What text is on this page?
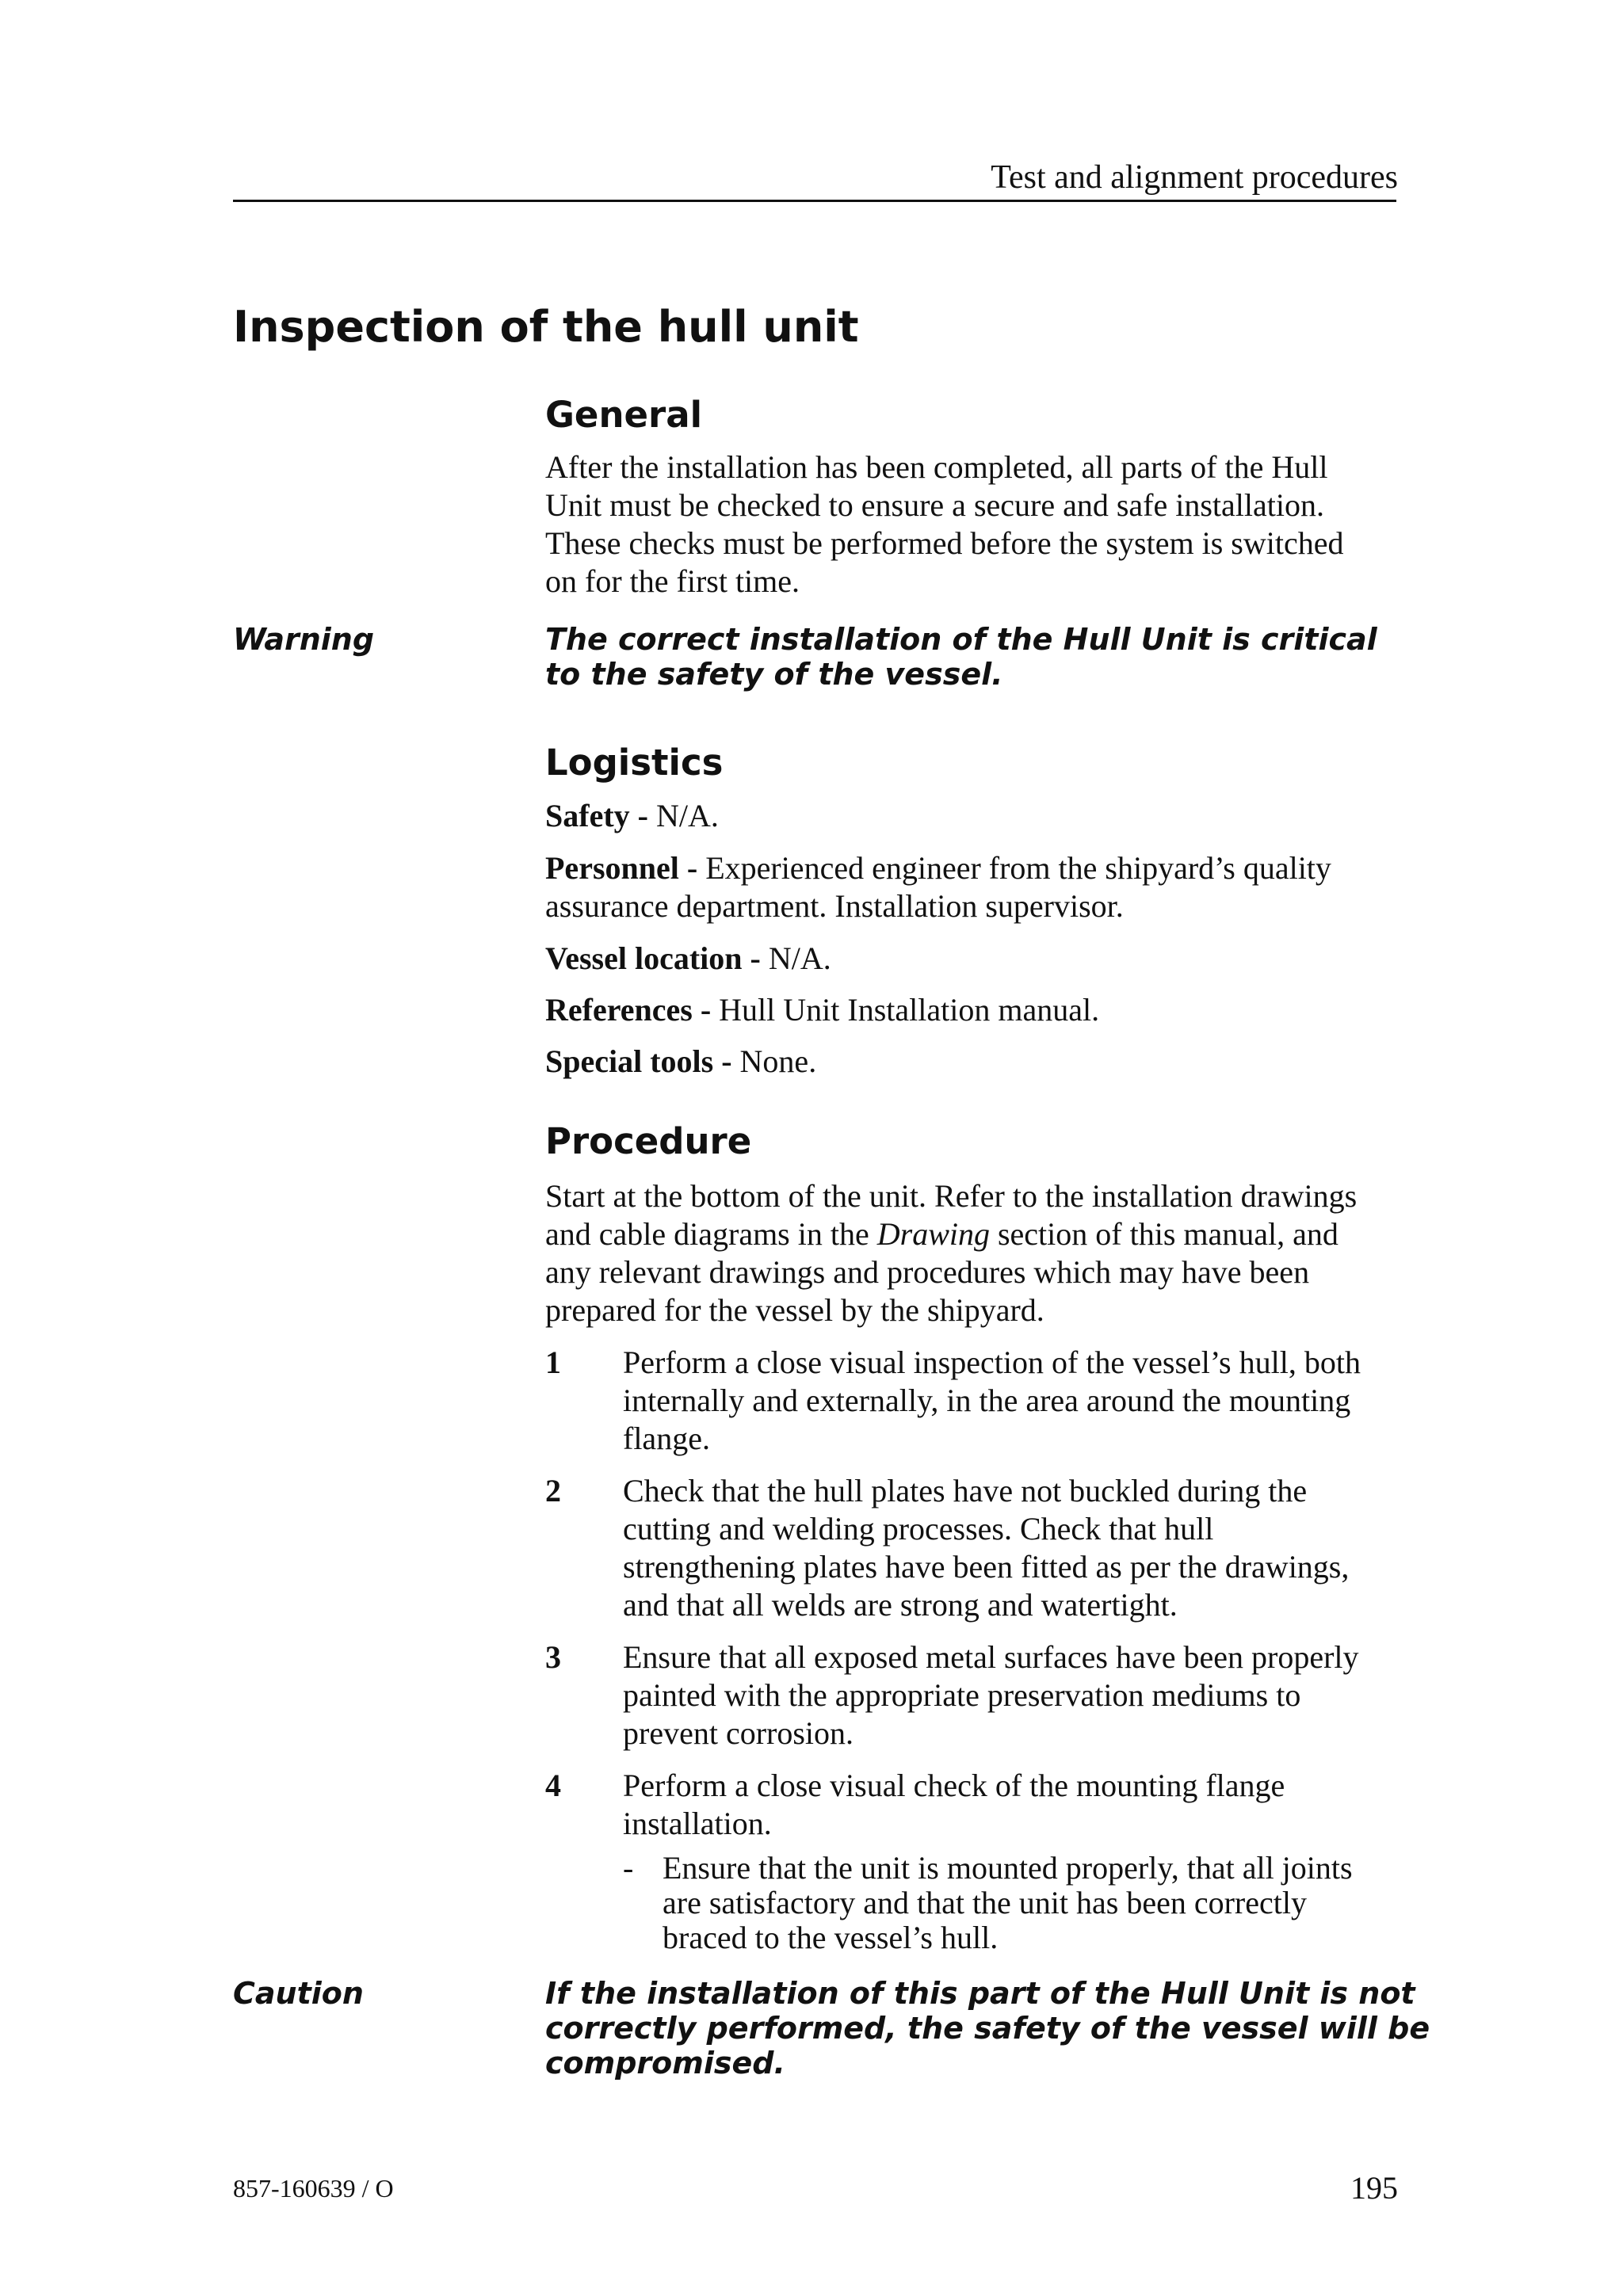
Test and alignment procedures
Inspection of the hull unit
General
After the installation has been completed, all parts of the Hull
Unit must be checked to ensure a secure and safe installation.
These checks must be performed before the system is switched
on for the first time.
Warning	The correct installation of the Hull Unit is critical
to the safety of the vessel.
Logistics

Safety - N/A.

Personnel - Experienced engineer from the shipyard’s quality

assurance department. Installation supervisor.

Vessel location - N/A.

References - Hull Unit Installation manual.

Special tools - None.

Procedure
Start at the bottom of the unit. Refer to the installation drawings
and cable diagrams in the Drawing section of this manual, and
any relevant drawings and procedures which may have been
prepared for the vessel by the shipyard.
1 Perform a close visual inspection of the vessel’s hull, both
internally and externally, in the area around the mounting
flange.
2 Check that the hull plates have not buckled during the
cutting and welding processes. Check that hull
strengthening plates have been fitted as per the drawings,
and that all welds are strong and watertight.
3 Ensure that all exposed metal surfaces have been properly
painted with the appropriate preservation mediums to
prevent corrosion.
4 Perform a close visual check of the mounting flange
installation.
- Ensure that the unit is mounted properly, that all joints
are satisfactory and that the unit has been correctly
braced to the vessel’s hull.
Caution	If the installation of this part of the Hull Unit is not
correctly performed, the safety of the vessel will be
compromised.
857-160639 / O	195
